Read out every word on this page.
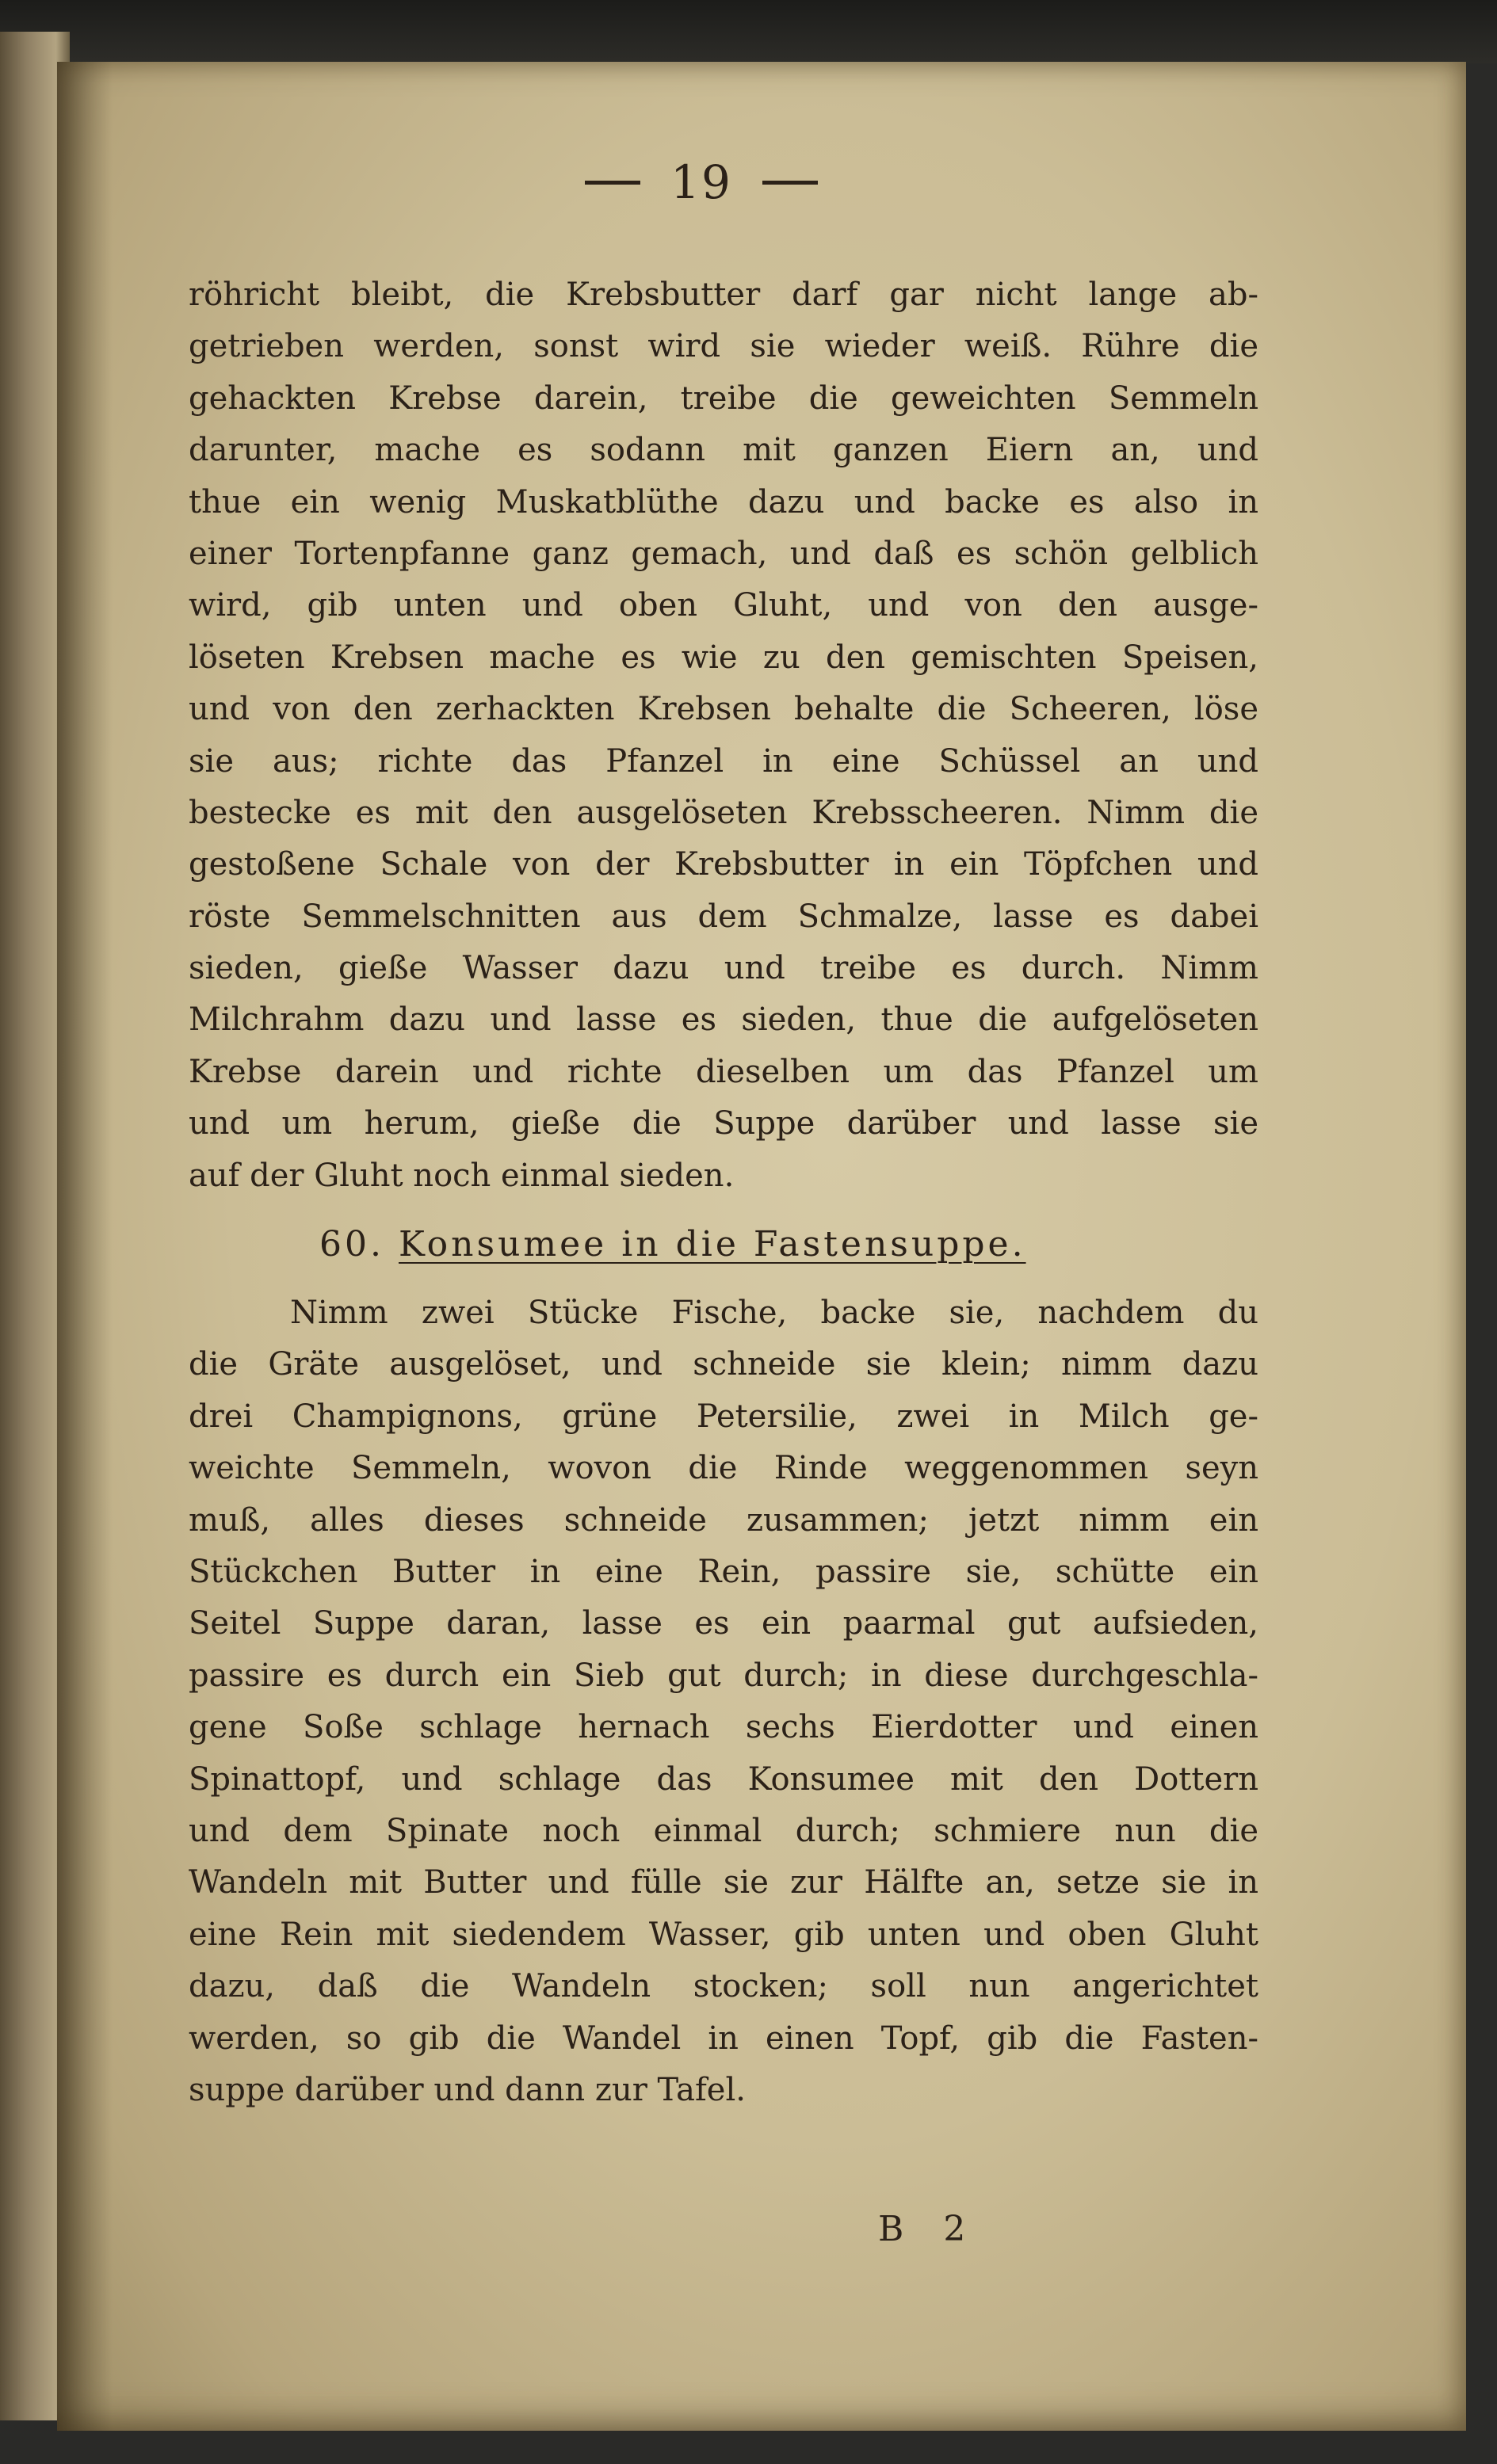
19
röhricht bleibt, die Krebsbutter darf gar nicht lange ab-
getrieben werden, sonst wird sie wieder weiß. Rühre die
gehackten Krebse darein, treibe die geweichten Semmeln
darunter, mache es sodann mit ganzen Eiern an, und
thue ein wenig Muskatblüthe dazu und backe es also in
einer Tortenpfanne ganz gemach, und daß es schön gelblich
wird, gib unten und oben Gluht, und von den ausge-
löseten Krebsen mache es wie zu den gemischten Speisen,
und von den zerhackten Krebsen behalte die Scheeren, löse
sie aus; richte das Pfanzel in eine Schüssel an und
bestecke es mit den ausgelöseten Krebsscheeren. Nimm die
gestoßene Schale von der Krebsbutter in ein Töpfchen und
röste Semmelschnitten aus dem Schmalze, lasse es dabei
sieden, gieße Wasser dazu und treibe es durch. Nimm
Milchrahm dazu und lasse es sieden, thue die aufgelöseten
Krebse darein und richte dieselben um das Pfanzel um
und um herum, gieße die Suppe darüber und lasse sie
auf der Gluht noch einmal sieden.
60. Konsumee in die Fastensuppe.
Nimm zwei Stücke Fische, backe sie, nachdem du
die Gräte ausgelöset, und schneide sie klein; nimm dazu
drei Champignons, grüne Petersilie, zwei in Milch ge-
weichte Semmeln, wovon die Rinde weggenommen seyn
muß, alles dieses schneide zusammen; jetzt nimm ein
Stückchen Butter in eine Rein, passire sie, schütte ein
Seitel Suppe daran, lasse es ein paarmal gut aufsieden,
passire es durch ein Sieb gut durch; in diese durchgeschla-
gene Soße schlage hernach sechs Eierdotter und einen
Spinattopf, und schlage das Konsumee mit den Dottern
und dem Spinate noch einmal durch; schmiere nun die
Wandeln mit Butter und fülle sie zur Hälfte an, setze sie in
eine Rein mit siedendem Wasser, gib unten und oben Gluht
dazu, daß die Wandeln stocken; soll nun angerichtet
werden, so gib die Wandel in einen Topf, gib die Fasten-
suppe darüber und dann zur Tafel.
B 2
